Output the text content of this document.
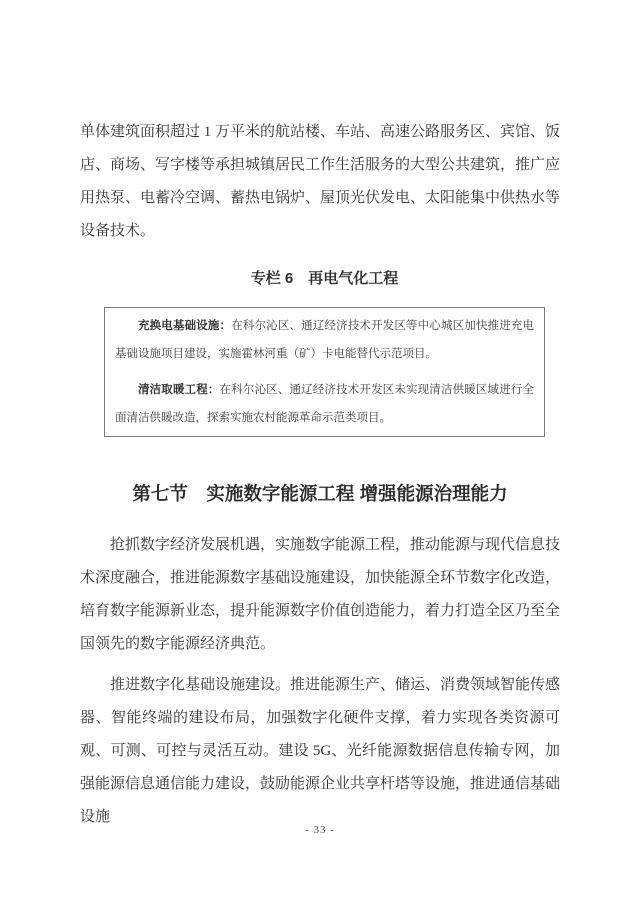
单体建筑面积超过 1 万平米的航站楼、车站、高速公路服务区、宾馆、饭店、商场、写字楼等承担城镇居民工作生活服务的大型公共建筑，推广应用热泵、电蓄冷空调、蓄热电锅炉、屋顶光伏发电、太阳能集中供热水等设备技术。

专栏 6　再电气化工程

充换电基础设施：在科尔沁区、通辽经济技术开发区等中心城区加快推进充电基础设施项目建设，实施霍林河重（矿）卡电能替代示范项目。

清洁取暖工程：在科尔沁区、通辽经济技术开发区未实现清洁供暖区域进行全面清洁供暖改造，探索实施农村能源革命示范类项目。

第七节　实施数字能源工程 增强能源治理能力

抢抓数字经济发展机遇，实施数字能源工程，推动能源与现代信息技术深度融合，推进能源数字基础设施建设，加快能源全环节数字化改造，培育数字能源新业态，提升能源数字价值创造能力，着力打造全区乃至全国领先的数字能源经济典范。

推进数字化基础设施建设。推进能源生产、储运、消费领域智能传感器、智能终端的建设布局，加强数字化硬件支撑，着力实现各类资源可观、可测、可控与灵活互动。建设 5G、光纤能源数据信息传输专网，加强能源信息通信能力建设，鼓励能源企业共享杆塔等设施，推进通信基础设施

- 33 -
